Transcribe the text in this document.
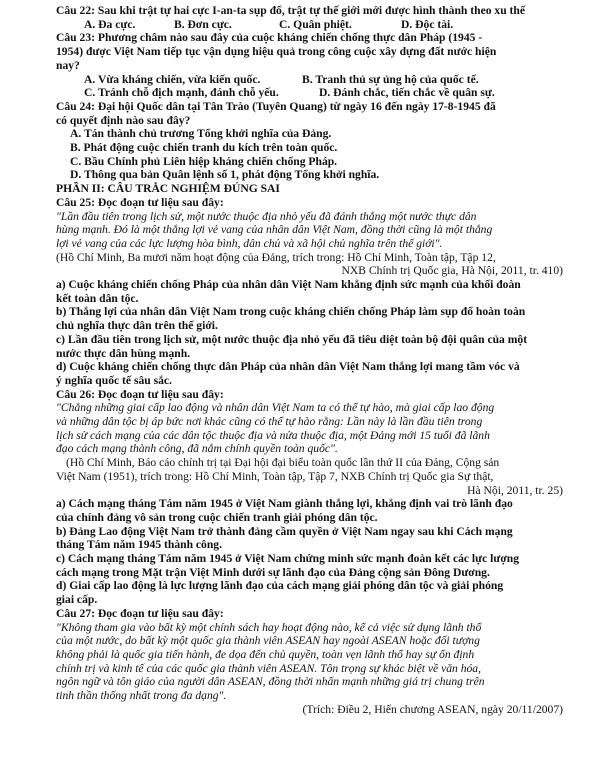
Câu 22: Sau khi trật tự hai cực I-an-ta sụp đổ, trật tự thế giới mới được hình thành theo xu thế
A. Đa cực.	B. Đơn cực.	C. Quân phiệt.	D. Độc tài.
Câu 23: Phương châm nào sau đây của cuộc kháng chiến chống thực dân Pháp (1945 -
1954) được Việt Nam tiếp tục vận dụng hiệu quả trong công cuộc xây dựng đất nước hiện
nay?
A. Vừa kháng chiến, vừa kiến quốc.	B. Tranh thủ sự ủng hộ của quốc tế.
C. Tránh chỗ địch mạnh, đánh chỗ yếu.	D. Đánh chắc, tiến chắc về quân sự.
Câu 24: Đại hội Quốc dân tại Tân Trào (Tuyên Quang) từ ngày 16 đến ngày 17-8-1945 đã
có quyết định nào sau đây?
A. Tán thành chủ trương Tổng khởi nghĩa của Đảng.
B. Phát động cuộc chiến tranh du kích trên toàn quốc.
C. Bầu Chính phủ Liên hiệp kháng chiến chống Pháp.
D. Thông qua bản Quân lệnh số 1, phát động Tổng khởi nghĩa.
PHẦN II: CÂU TRẮC NGHIỆM ĐÚNG SAI
Câu 25: Đọc đoạn tư liệu sau đây:
"Lần đầu tiên trong lịch sử, một nước thuộc địa nhỏ yếu đã đánh thắng một nước thực dân
hùng mạnh. Đó là một thắng lợi vẻ vang của nhân dân Việt Nam, đồng thời cũng là một thắng
lợi vẻ vang của các lực lượng hòa bình, dân chủ và xã hội chủ nghĩa trên thế giới".
(Hồ Chí Minh, Ba mươi năm hoạt động của Đảng, trích trong: Hồ Chí Minh, Toàn tập, Tập 12,
NXB Chính trị Quốc gia, Hà Nội, 2011, tr. 410)
a) Cuộc kháng chiến chống Pháp của nhân dân Việt Nam khẳng định sức mạnh của khối đoàn
kết toàn dân tộc.
b) Thắng lợi của nhân dân Việt Nam trong cuộc kháng chiến chống Pháp làm sụp đổ hoàn toàn
chủ nghĩa thực dân trên thế giới.
c) Lần đầu tiên trong lịch sử, một nước thuộc địa nhỏ yếu đã tiêu diệt toàn bộ đội quân của một
nước thực dân hùng mạnh.
d) Cuộc kháng chiến chống thực dân Pháp của nhân dân Việt Nam thắng lợi mang tầm vóc và
ý nghĩa quốc tế sâu sắc.
Câu 26: Đọc đoạn tư liệu sau đây:
"Chẳng những giai cấp lao động và nhân dân Việt Nam ta có thể tự hào, mà giai cấp lao động
và những dân tộc bị áp bức nơi khác cũng có thể tự hào rằng: Lần này là lần đầu tiên trong
lịch sử cách mạng của các dân tộc thuộc địa và nửa thuộc địa, một Đảng mới 15 tuổi đã lãnh
đạo cách mạng thành công, đã nắm chính quyền toàn quốc".
(Hồ Chí Minh, Báo cáo chính trị tại Đại hội đại biểu toàn quốc lần thứ II của Đảng, Cộng sản
Việt Nam (1951), trích trong: Hồ Chí Minh, Toàn tập, Tập 7, NXB Chính trị Quốc gia Sự thật,
Hà Nội, 2011, tr. 25)
a) Cách mạng tháng Tám năm 1945 ở Việt Nam giành thắng lợi, khẳng định vai trò lãnh đạo
của chính đảng vô sản trong cuộc chiến tranh giải phóng dân tộc.
b) Đảng Lao động Việt Nam trở thành đảng cầm quyền ở Việt Nam ngay sau khi Cách mạng
tháng Tám năm 1945 thành công.
c) Cách mạng tháng Tám năm 1945 ở Việt Nam chứng minh sức mạnh đoàn kết các lực lượng
cách mạng trong Mặt trận Việt Minh dưới sự lãnh đạo của Đảng cộng sản Đông Dương.
d) Giai cấp lao động là lực lượng lãnh đạo của cách mạng giải phóng dân tộc và giải phóng
giai cấp.
Câu 27: Đọc đoạn tư liệu sau đây:
"Không tham gia vào bất kỳ một chính sách hay hoạt động nào, kể cả việc sử dụng lãnh thổ
của một nước, do bất kỳ một quốc gia thành viên ASEAN hay ngoài ASEAN hoặc đối tượng
không phải là quốc gia tiến hành, đe dọa đến chủ quyền, toàn vẹn lãnh thổ hay sự ổn định
chính trị và kinh tế của các quốc gia thành viên ASEAN. Tôn trọng sự khác biệt về văn hóa,
ngôn ngữ và tôn giáo của người dân ASEAN, đồng thời nhấn mạnh những giá trị chung trên
tinh thần thống nhất trong đa dạng".
(Trích: Điều 2, Hiến chương ASEAN, ngày 20/11/2007)
